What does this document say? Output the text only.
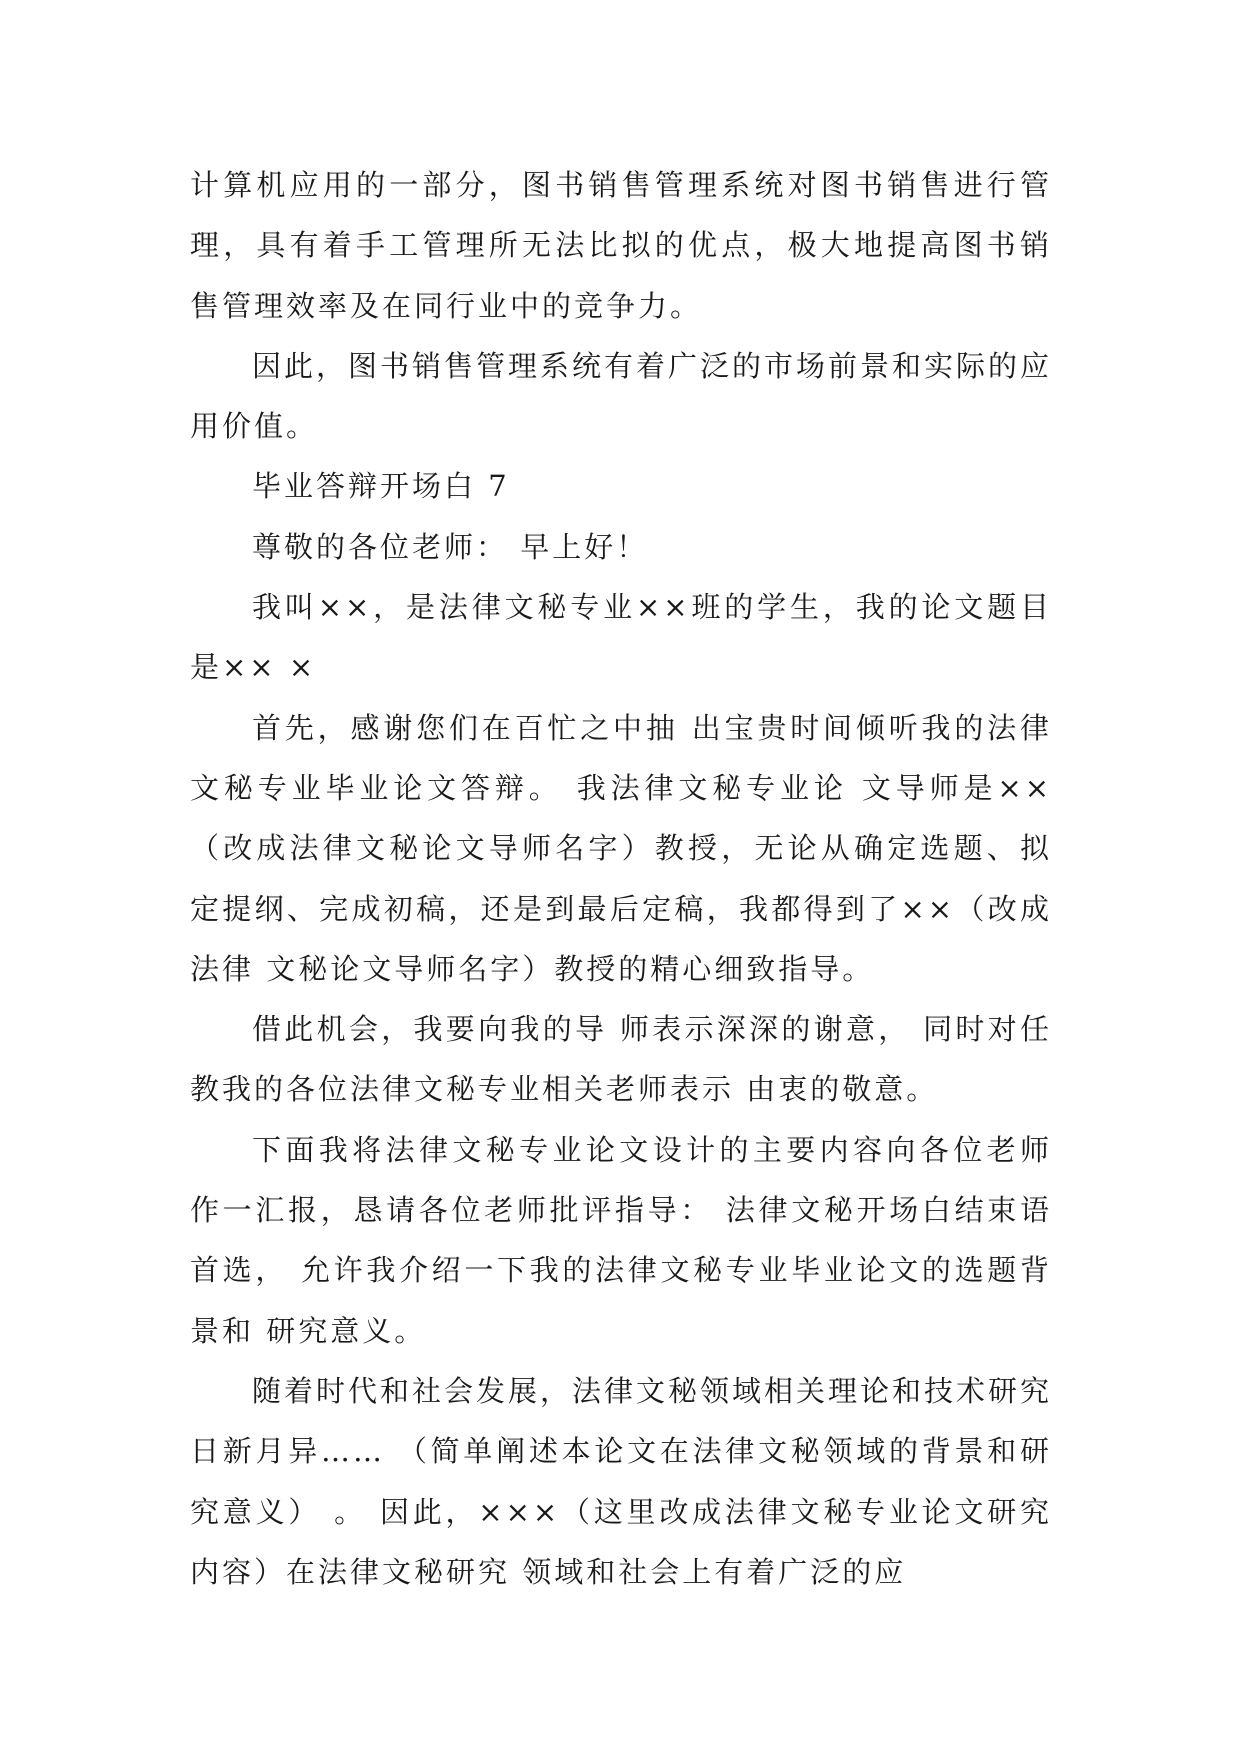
计算机应用的一部分，图书销售管理系统对图书销售进行管理，具有着手工管理所无法比拟的优点，极大地提高图书销售管理效率及在同行业中的竞争力。

因此，图书销售管理系统有着广泛的市场前景和实际的应用价值。

毕业答辩开场白 7

尊敬的各位老师： 早上好！

我叫××，是法律文秘专业××班的学生，我的论文题目是×× ×

首先，感谢您们在百忙之中抽 出宝贵时间倾听我的法律文秘专业毕业论文答辩。 我法律文秘专业论 文导师是××（改成法律文秘论文导师名字）教授，无论从确定选题、拟定提纲、完成初稿，还是到最后定稿，我都得到了××（改成法律 文秘论文导师名字）教授的精心细致指导。

借此机会，我要向我的导 师表示深深的谢意， 同时对任教我的各位法律文秘专业相关老师表示 由衷的敬意。

下面我将法律文秘专业论文设计的主要内容向各位老师 作一汇报，恳请各位老师批评指导： 法律文秘开场白结束语 首选， 允许我介绍一下我的法律文秘专业毕业论文的选题背景和 研究意义。

随着时代和社会发展，法律文秘领域相关理论和技术研究 日新月异…… （简单阐述本论文在法律文秘领域的背景和研究意义） 。 因此，×××（这里改成法律文秘专业论文研究内容）在法律文秘研究 领域和社会上有着广泛的应
